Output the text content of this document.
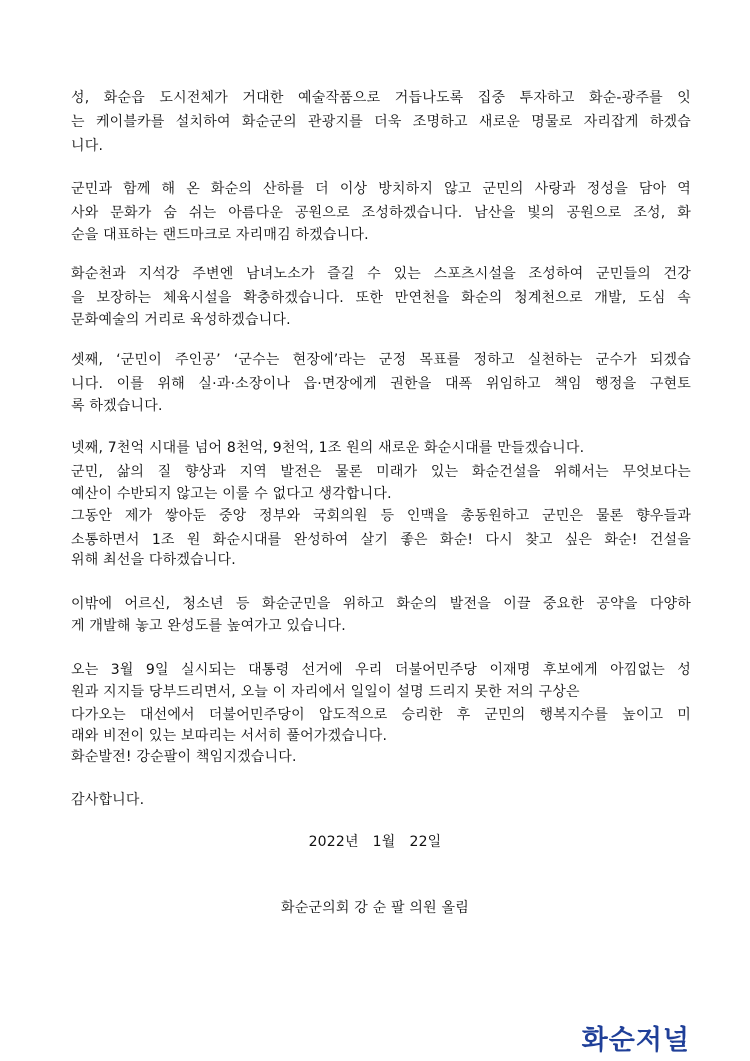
성, 화순읍 도시전체가 거대한 예술작품으로 거듭나도록 집중 투자하고 화순-광주를 잇
는 케이블카를 설치하여 화순군의 관광지를 더욱 조명하고 새로운 명물로 자리잡게 하겠습
니다.
군민과 함께 해 온 화순의 산하를 더 이상 방치하지 않고 군민의 사랑과 정성을 담아 역
사와 문화가 숨 쉬는 아름다운 공원으로 조성하겠습니다. 남산을 빛의 공원으로 조성, 화
순을 대표하는 랜드마크로 자리매김 하겠습니다.
화순천과 지석강 주변엔 남녀노소가 즐길 수 있는 스포츠시설을 조성하여 군민들의 건강
을 보장하는 체육시설을 확충하겠습니다. 또한 만연천을 화순의 청계천으로 개발, 도심 속
문화예술의 거리로 육성하겠습니다.
셋째, ‘군민이 주인공’ ‘군수는 현장에’라는 군정 목표를 정하고 실천하는 군수가 되겠습
니다. 이를 위해 실·과·소장이나 읍·면장에게 권한을 대폭 위임하고 책임 행정을 구현토
록 하겠습니다.
넷째, 7천억 시대를 넘어 8천억, 9천억, 1조 원의 새로운 화순시대를 만들겠습니다.
군민, 삶의 질 향상과 지역 발전은 물론 미래가 있는 화순건설을 위해서는 무엇보다는
예산이 수반되지 않고는 이룰 수 없다고 생각합니다.
그동안 제가 쌓아둔 중앙 정부와 국회의원 등 인맥을 총동원하고 군민은 물론 향우들과
소통하면서 1조 원 화순시대를 완성하여 살기 좋은 화순! 다시 찾고 싶은 화순! 건설을
위해 최선을 다하겠습니다.
이밖에 어르신, 청소년 등 화순군민을 위하고 화순의 발전을 이끌 중요한 공약을 다양하
게 개발해 놓고 완성도를 높여가고 있습니다.
오는 3월 9일 실시되는 대통령 선거에 우리 더불어민주당 이재명 후보에게 아낌없는 성
원과 지지들 당부드리면서, 오늘 이 자리에서 일일이 설명 드리지 못한 저의 구상은
다가오는 대선에서 더불어민주당이 압도적으로 승리한 후 군민의 행복지수를 높이고 미
래와 비전이 있는 보따리는 서서히 풀어가겠습니다.
화순발전! 강순팔이 책임지겠습니다.
감사합니다.
2022년   1월   22일
화순군의회 강 순 팔 의원 올림
화순저널
